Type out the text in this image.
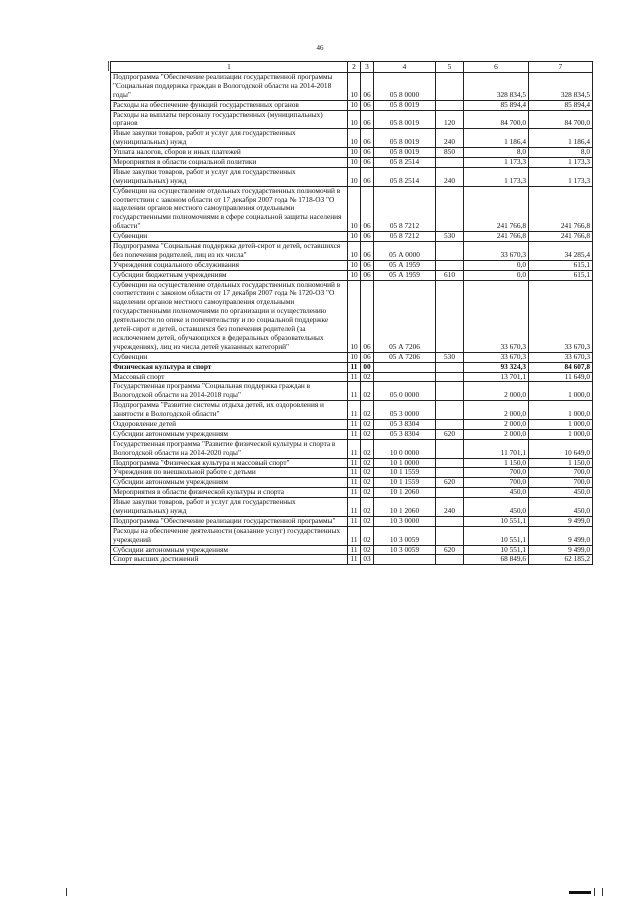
46
1	2	3	4	5	6	7
Подпрограмма "Обеспечение реализации государственной программы "Социальная поддержка граждан в Вологодской области на 2014-2018 годы"	10	06	05 8 0000		328 834,5	328 834,5
Расходы на обеспечение функций государственных органов	10	06	05 8 0019		85 894,4	85 894,4
Расходы на выплаты персоналу государственных (муниципальных) органов	10	06	05 8 0019	120	84 700,0	84 700,0
Иные закупки товаров, работ и услуг для государственных (муниципальных) нужд	10	06	05 8 0019	240	1 186,4	1 186,4
Уплата налогов, сборов и иных платежей	10	06	05 8 0019	850	8,0	8,0
Мероприятия в области социальной политики	10	06	05 8 2514		1 173,3	1 173,3
Иные закупки товаров, работ и услуг для государственных (муниципальных) нужд	10	06	05 8 2514	240	1 173,3	1 173,3
Субвенции на осуществление отдельных государственных полномочий в соответствии с законом области от 17 декабря 2007 года № 1718-ОЗ "О наделении органов местного самоуправления отдельными государственными полномочиями в сфере социальной защиты населения области"	10	06	05 8 7212		241 766,8	241 766,8
Субвенции	10	06	05 8 7212	530	241 766,8	241 766,8
Подпрограмма "Социальная поддержка детей-сирот и детей, оставшихся без попечения родителей, лиц из их числа"	10	06	05 А 0000		33 670,3	34 285,4
Учреждения социального обслуживания	10	06	05 А 1959		0,0	615,1
Субсидии бюджетным учреждениям	10	06	05 А 1959	610	0,0	615,1
Субвенции на осуществление отдельных государственных полномочий в соответствии с законом области от 17 декабря 2007 года № 1720-ОЗ "О наделении органов местного самоуправления отдельными государственными полномочиями по организации и осуществлению деятельности по опеке и попечительству и по социальной поддержке детей-сирот и детей, оставшихся без попечения родителей (за исключением детей, обучающихся в федеральных образовательных учреждениях), лиц из числа детей указанных категорий"	10	06	05 А 7206		33 670,3	33 670,3
Субвенции	10	06	05 А 7206	530	33 670,3	33 670,3
Физическая культура и спорт	11	00			93 324,3	84 607,8
Массовый спорт	11	02			13 701,1	11 649,0
Государственная программа "Социальная поддержка граждан в Вологодской области на 2014-2018 годы"	11	02	05 0 0000		2 000,0	1 000,0
Подпрограмма "Развитие системы отдыха детей, их оздоровления и занятости в Вологодской области"	11	02	05 3 0000		2 000,0	1 000,0
Оздоровление детей	11	02	05 3 8304		2 000,0	1 000,0
Субсидии автономным учреждениям	11	02	05 3 8304	620	2 000,0	1 000,0
Государственная программа "Развитие физической культуры и спорта в Вологодской области на 2014-2020 годы"	11	02	10 0 0000		11 701,1	10 649,0
Подпрограмма "Физическая культура и массовый спорт"	11	02	10 1 0000		1 150,0	1 150,0
Учреждения по внешкольной работе с детьми	11	02	10 1 1559		700,0	700,0
Субсидии автономным учреждениям	11	02	10 1 1559	620	700,0	700,0
Мероприятия в области физической культуры и спорта	11	02	10 1 2060		450,0	450,0
Иные закупки товаров, работ и услуг для государственных (муниципальных) нужд	11	02	10 1 2060	240	450,0	450,0
Подпрограмма "Обеспечение реализации государственной программы"	11	02	10 3 0000		10 551,1	9 499,0
Расходы на обеспечение деятельности (оказание услуг) государственных учреждений	11	02	10 3 0059		10 551,1	9 499,0
Субсидии автономным учреждениям	11	02	10 3 0059	620	10 551,1	9 499,0
Спорт высших достижений	11	03			68 849,6	62 185,2
